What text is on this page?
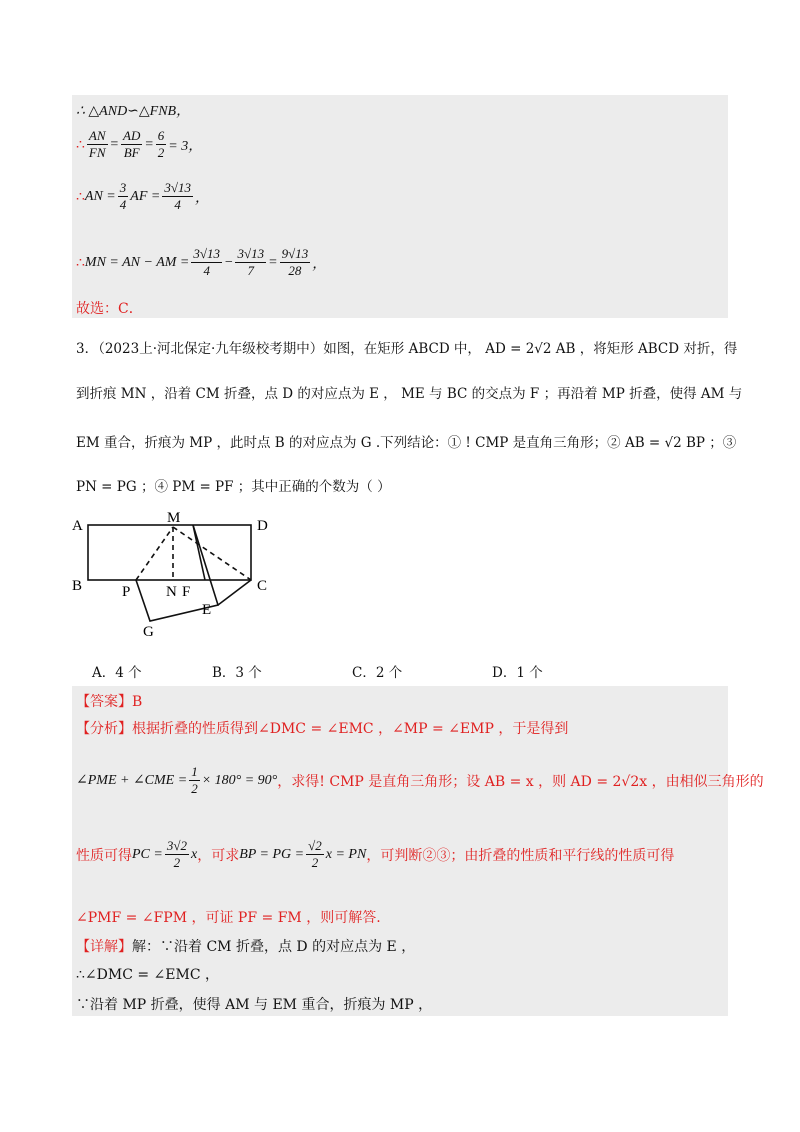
∴ △AND∽△FNB，
∴ $\frac{AN}{FN} = \frac{AD}{BF} = \frac{6}{2} = 3$，
∴ AN = $\frac{3}{4}$ AF = $\frac{3√13}{4}$ ，
∴ MN = AN − AM = $\frac{3√13}{4} - \frac{3√13}{7} = \frac{9√13}{28}$ ，
故选：C．
3．（2023上·河北保定·九年级校考期中）如图，在矩形 ABCD 中， AD = 2√2 AB ，将矩形 ABCD 对折，得
到折痕 MN ，沿着 CM 折叠，点 D 的对应点为 E ， ME 与 BC 的交点为 F ；再沿着 MP 折叠，使得 AM 与
EM 重合，折痕为 MP ，此时点 B 的对应点为 G .下列结论：① ! CMP 是直角三角形；② AB = √2 BP ；③
PN = PG ；④ PM = PF ；其中正确的个数为（ ）
A	M	D
B	P N F	C
E
G
A．4 个	B．3 个	C．2 个	D．1 个
【答案】B
【分析】 根据折叠的性质得到∠DMC = ∠EMC ，∠MP = ∠EMP ，于是得到
∠PME + ∠CME = $\frac{1}{2} \times 180^\circ = 90^\circ$ ，求得! CMP 是直角三角形；设 AB = x ，则 AD = 2√2x ，由相似三角形的
性质可得 PC = $\frac{3√2}{2}$ x ，可求 BP = PG = $\frac{√2}{2}$ x = PN ，可判断②③；由折叠的性质和平行线的性质可得
∠PMF = ∠FPM ，可证 PF = FM ，则可解答.
【详解】 解：∵沿着 CM 折叠，点 D 的对应点为 E ，
∴∠DMC = ∠EMC ，
∵沿着 MP 折叠，使得 AM 与 EM 重合，折痕为 MP ，
